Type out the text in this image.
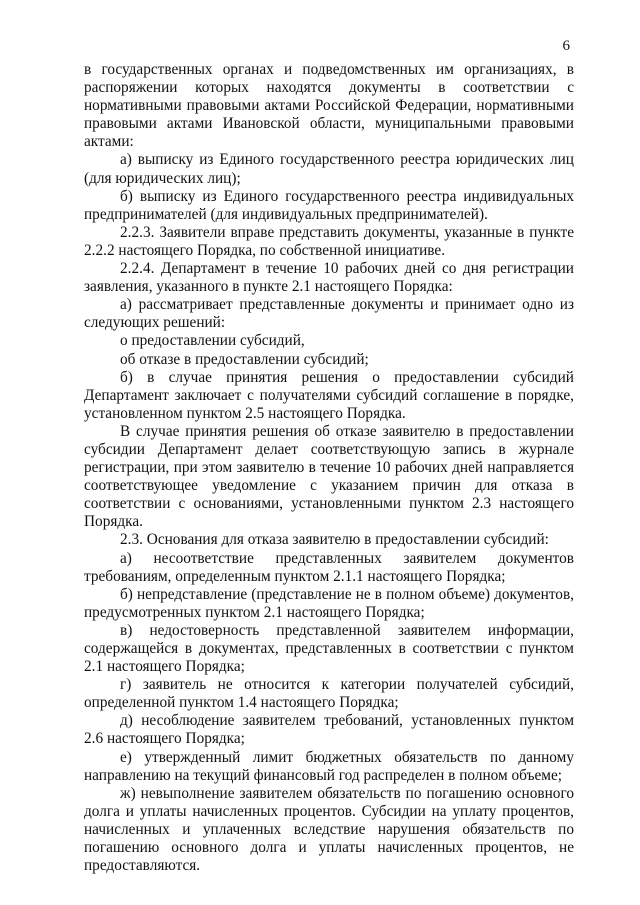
6

в государственных органах и подведомственных им организациях, в распоряжении которых находятся документы в соответствии с нормативными правовыми актами Российской Федерации, нормативными правовыми актами Ивановской области, муниципальными правовыми актами:

а) выписку из Единого государственного реестра юридических лиц (для юридических лиц);

б) выписку из Единого государственного реестра индивидуальных предпринимателей (для индивидуальных предпринимателей).

2.2.3. Заявители вправе представить документы, указанные в пункте 2.2.2 настоящего Порядка, по собственной инициативе.

2.2.4. Департамент в течение 10 рабочих дней со дня регистрации заявления, указанного в пункте 2.1 настоящего Порядка:

а) рассматривает представленные документы и принимает одно из следующих решений:

о предоставлении субсидий,

об отказе в предоставлении субсидий;

б) в случае принятия решения о предоставлении субсидий Департамент заключает с получателями субсидий соглашение в порядке, установленном пунктом 2.5 настоящего Порядка.

В случае принятия решения об отказе заявителю в предоставлении субсидии Департамент делает соответствующую запись в журнале регистрации, при этом заявителю в течение 10 рабочих дней направляется соответствующее уведомление с указанием причин для отказа в соответствии с основаниями, установленными пунктом 2.3 настоящего Порядка.

2.3. Основания для отказа заявителю в предоставлении субсидий:

а) несоответствие представленных заявителем документов требованиям, определенным пунктом 2.1.1 настоящего Порядка;

б) непредставление (представление не в полном объеме) документов, предусмотренных пунктом 2.1 настоящего Порядка;

в) недостоверность представленной заявителем информации, содержащейся в документах, представленных в соответствии с пунктом 2.1 настоящего Порядка;

г) заявитель не относится к категории получателей субсидий, определенной пунктом 1.4 настоящего Порядка;

д) несоблюдение заявителем требований, установленных пунктом 2.6 настоящего Порядка;

е) утвержденный лимит бюджетных обязательств по данному направлению на текущий финансовый год распределен в полном объеме;

ж) невыполнение заявителем обязательств по погашению основного долга и уплаты начисленных процентов. Субсидии на уплату процентов, начисленных и уплаченных вследствие нарушения обязательств по погашению основного долга и уплаты начисленных процентов, не предоставляются.
